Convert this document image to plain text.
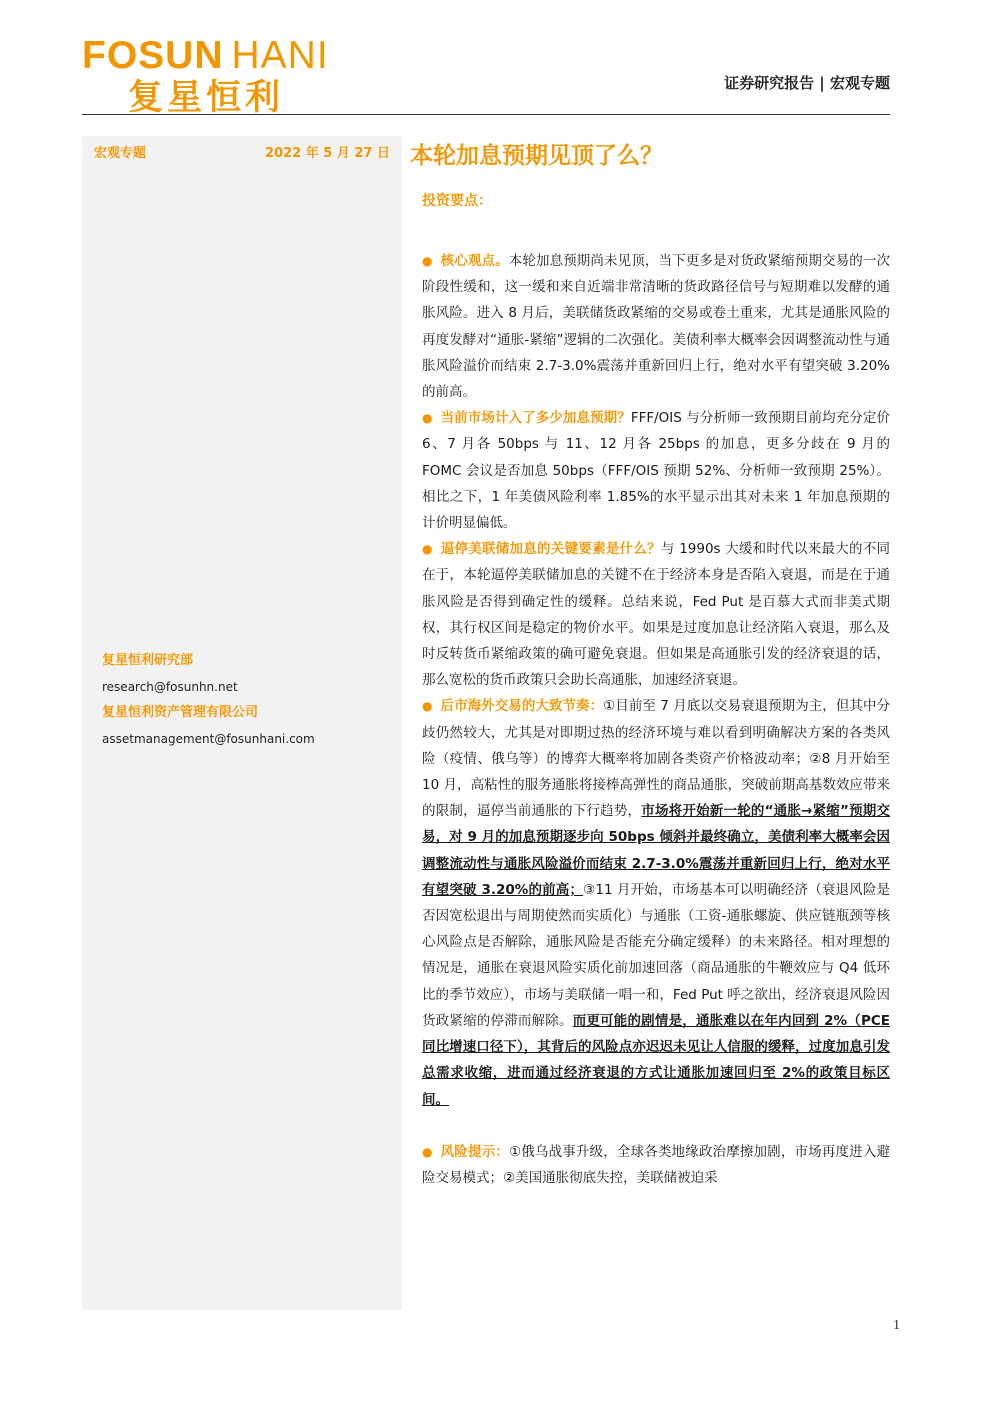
FOSUN HANI
复星恒利	证券研究报告 | 宏观专题
宏观专题	2022 年 5 月 27 日
复星恒利研究部
research@fosunhn.net
复星恒利资产管理有限公司
assetmanagement@fosunhani.com
本轮加息预期见顶了么？
投资要点：

● 核心观点。本轮加息预期尚未见顶，当下更多是对货政紧缩预期交易的一次阶段性缓和，这一缓和来自近端非常清晰的货政路径信号与短期难以发酵的通胀风险。进入 8 月后，美联储货政紧缩的交易或卷土重来，尤其是通胀风险的再度发酵对“通胀-紧缩”逻辑的二次强化。美债利率大概率会因调整流动性与通胀风险溢价而结束 2.7-3.0%震荡并重新回归上行，绝对水平有望突破 3.20%的前高。

● 当前市场计入了多少加息预期？FFF/OIS 与分析师一致预期目前均充分定价 6、7 月各 50bps 与 11、12 月各 25bps 的加息，更多分歧在 9 月的 FOMC 会议是否加息 50bps（FFF/OIS 预期 52%、分析师一致预期 25%）。相比之下，1 年美债风险利率 1.85%的水平显示出其对未来 1 年加息预期的计价明显偏低。

● 逼停美联储加息的关键要素是什么？与 1990s 大缓和时代以来最大的不同在于，本轮逼停美联储加息的关键不在于经济本身是否陷入衰退，而是在于通胀风险是否得到确定性的缓释。总结来说，Fed Put 是百慕大式而非美式期权，其行权区间是稳定的物价水平。如果是过度加息让经济陷入衰退，那么及时反转货币紧缩政策的确可避免衰退。但如果是高通胀引发的经济衰退的话，那么宽松的货币政策只会助长高通胀，加速经济衰退。

● 后市海外交易的大致节奏：①目前至 7 月底以交易衰退预期为主，但其中分歧仍然较大，尤其是对即期过热的经济环境与难以看到明确解决方案的各类风险（疫情、俄乌等）的博弈大概率将加剧各类资产价格波动率；②8 月开始至 10 月，高粘性的服务通胀将接棒高弹性的商品通胀，突破前期高基数效应带来的限制，逼停当前通胀的下行趋势，市场将开始新一轮的“通胀→紧缩”预期交易，对 9 月的加息预期逐步向 50bps 倾斜并最终确立，美债利率大概率会因调整流动性与通胀风险溢价而结束 2.7-3.0%震荡并重新回归上行，绝对水平有望突破 3.20%的前高；③11 月开始，市场基本可以明确经济（衰退风险是否因宽松退出与周期使然而实质化）与通胀（工资-通胀螺旋、供应链瓶颈等核心风险点是否解除，通胀风险是否能充分确定缓释）的未来路径。相对理想的情况是，通胀在衰退风险实质化前加速回落（商品通胀的牛鞭效应与 Q4 低环比的季节效应），市场与美联储一唱一和，Fed Put 呼之欲出，经济衰退风险因货政紧缩的停滞而解除。而更可能的剧情是，通胀难以在年内回到 2%（PCE 同比增速口径下），其背后的风险点亦迟迟未见让人信服的缓释，过度加息引发总需求收缩，进而通过经济衰退的方式让通胀加速回归至 2%的政策目标区间。

● 风险提示：①俄乌战事升级，全球各类地缘政治摩擦加剧，市场再度进入避险交易模式；②美国通胀彻底失控，美联储被迫采

1
